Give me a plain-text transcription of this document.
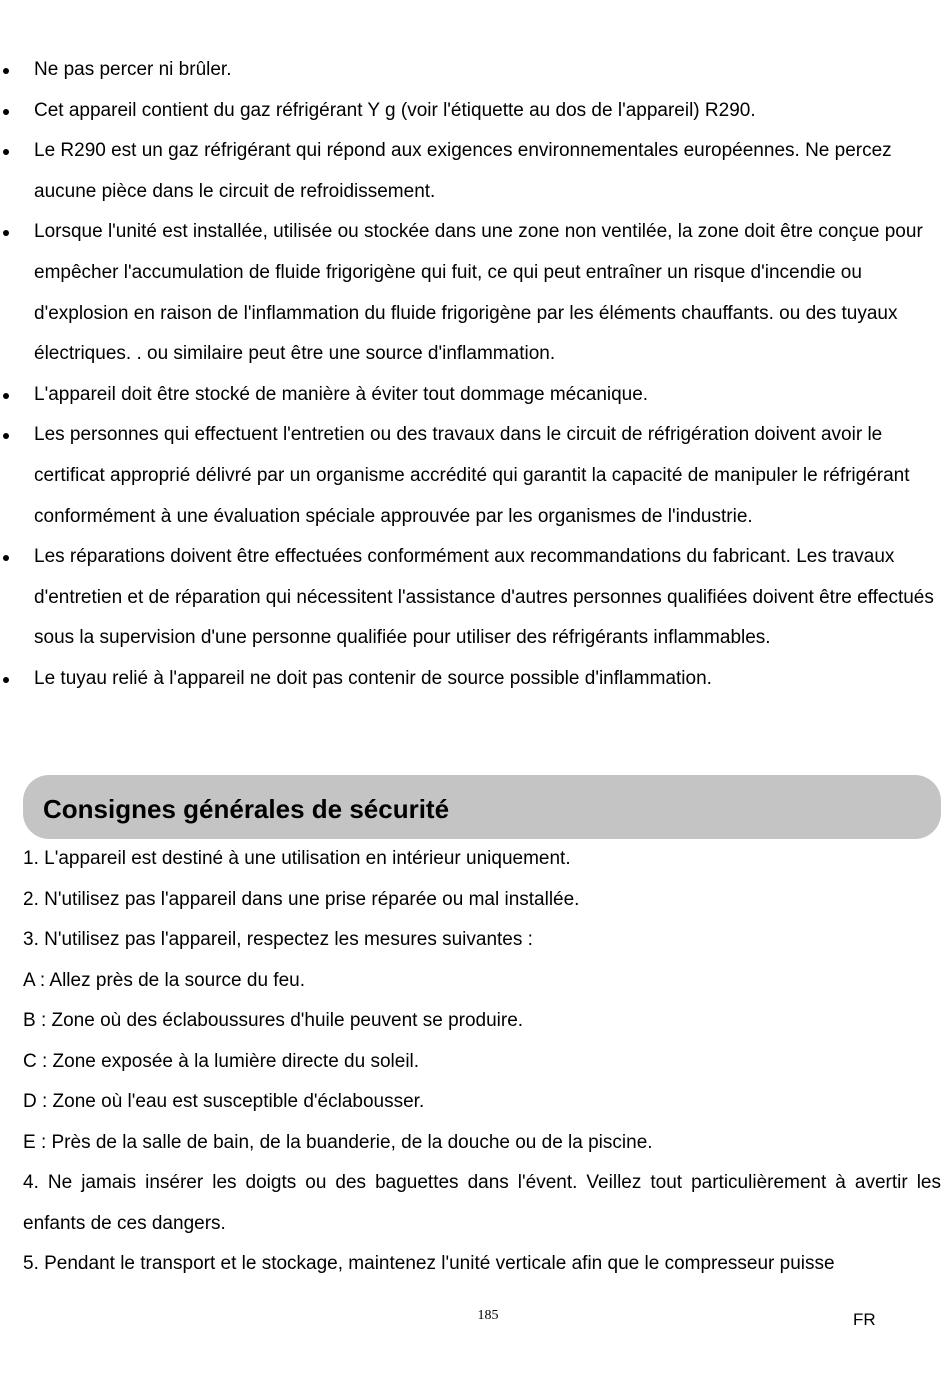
Ne pas percer ni brûler.
Cet appareil contient du gaz réfrigérant Y g (voir l'étiquette au dos de l'appareil) R290.
Le R290 est un gaz réfrigérant qui répond aux exigences environnementales européennes. Ne percez aucune pièce dans le circuit de refroidissement.
Lorsque l'unité est installée, utilisée ou stockée dans une zone non ventilée, la zone doit être conçue pour empêcher l'accumulation de fluide frigorigène qui fuit, ce qui peut entraîner un risque d'incendie ou d'explosion en raison de l'inflammation du fluide frigorigène par les éléments chauffants. ou des tuyaux électriques. . ou similaire peut être une source d'inflammation.
L'appareil doit être stocké de manière à éviter tout dommage mécanique.
Les personnes qui effectuent l'entretien ou des travaux dans le circuit de réfrigération doivent avoir le certificat approprié délivré par un organisme accrédité qui garantit la capacité de manipuler le réfrigérant conformément à une évaluation spéciale approuvée par les organismes de l'industrie.
Les réparations doivent être effectuées conformément aux recommandations du fabricant. Les travaux d'entretien et de réparation qui nécessitent l'assistance d'autres personnes qualifiées doivent être effectués sous la supervision d'une personne qualifiée pour utiliser des réfrigérants inflammables.
Le tuyau relié à l'appareil ne doit pas contenir de source possible d'inflammation.
Consignes générales de sécurité
1. L'appareil est destiné à une utilisation en intérieur uniquement.
2. N'utilisez pas l'appareil dans une prise réparée ou mal installée.
3. N'utilisez pas l'appareil, respectez les mesures suivantes :
A : Allez près de la source du feu.
B : Zone où des éclaboussures d'huile peuvent se produire.
C : Zone exposée à la lumière directe du soleil.
D : Zone où l'eau est susceptible d'éclabousser.
E : Près de la salle de bain, de la buanderie, de la douche ou de la piscine.
4. Ne jamais insérer les doigts ou des baguettes dans l'évent. Veillez tout particulièrement à avertir les enfants de ces dangers.
5. Pendant le transport et le stockage, maintenez l'unité verticale afin que le compresseur puisse
185	FR
